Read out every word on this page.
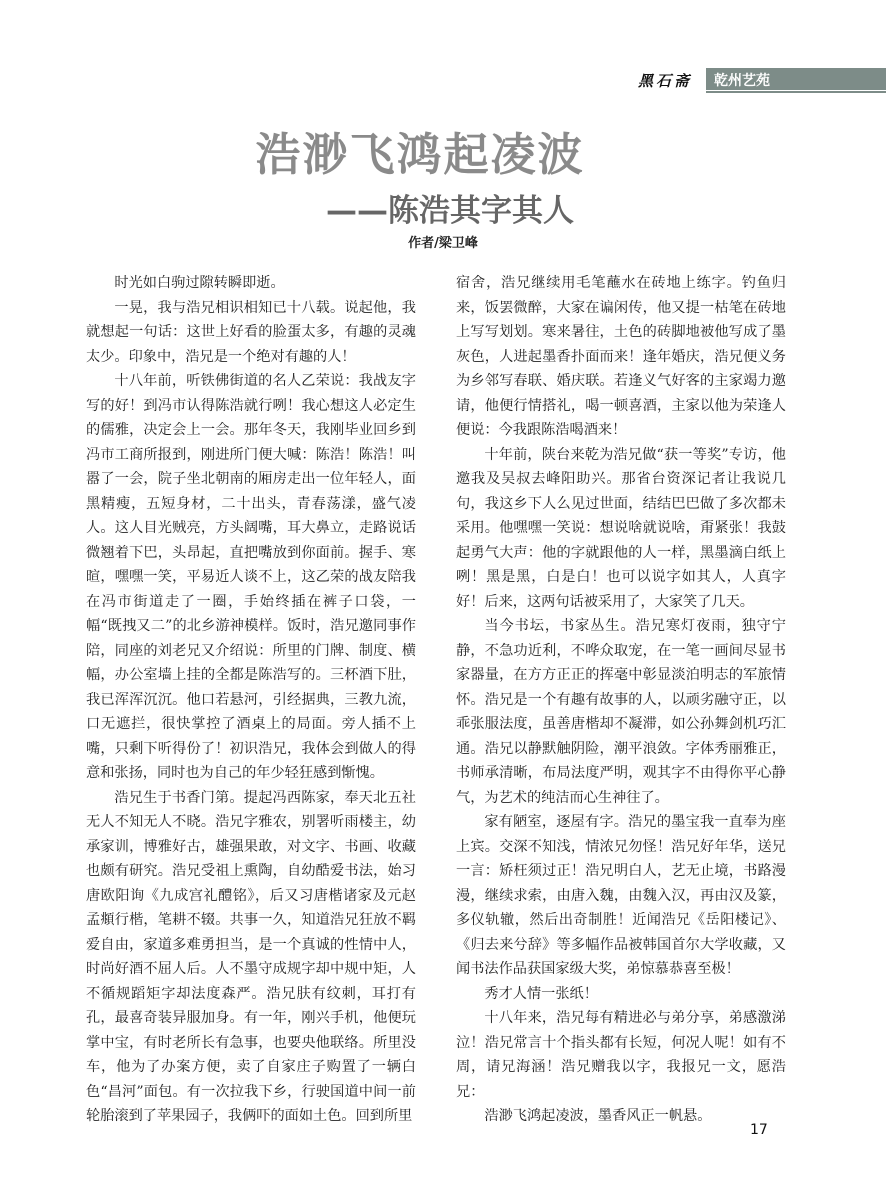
黑石斋 乾州艺苑
浩渺飞鸿起凌波
——陈浩其字其人
作者/梁卫峰

时光如白驹过隙转瞬即逝。

一晃，我与浩兄相识相知已十八载。说起他，我就想起一句话：这世上好看的脸蛋太多，有趣的灵魂太少。印象中，浩兄是一个绝对有趣的人！

十八年前，听铁佛街道的名人乙荣说：我战友字写的好！到冯市认得陈浩就行咧！我心想这人必定生的儒雅，决定会上一会。那年冬天，我刚毕业回乡到冯市工商所报到，刚进所门便大喊：陈浩！陈浩！叫嚣了一会，院子坐北朝南的厢房走出一位年轻人，面黑精瘦，五短身材，二十出头，青春荡漾，盛气凌人。这人目光贼亮，方头阔嘴，耳大鼻立，走路说话微翘着下巴，头昂起，直把嘴放到你面前。握手、寒暄，嘿嘿一笑，平易近人谈不上，这乙荣的战友陪我在冯市街道走了一圈，手始终插在裤子口袋，一幅“既拽又二”的北乡游神模样。饭时，浩兄邀同事作陪，同座的刘老兄又介绍说：所里的门牌、制度、横幅，办公室墙上挂的全都是陈浩写的。三杯酒下肚，我已浑浑沉沉。他口若悬河，引经据典，三教九流，口无遮拦，很快掌控了酒桌上的局面。旁人插不上嘴，只剩下听得份了！初识浩兄，我体会到做人的得意和张扬，同时也为自己的年少轻狂感到惭愧。

浩兄生于书香门第。提起冯西陈家，奉天北五社无人不知无人不晓。浩兄字雅农，别署听雨楼主，幼承家训，博雅好古，雄强果敢，对文字、书画、收藏也颇有研究。浩兄受祖上熏陶，自幼酷爱书法，始习唐欧阳询《九成宫礼醴铭》，后又习唐楷诸家及元赵孟頫行楷，笔耕不辍。共事一久，知道浩兄狂放不羁爱自由，家道多难勇担当，是一个真诚的性情中人，时尚好酒不屈人后。人不墨守成规字却中规中矩，人不循规蹈矩字却法度森严。浩兄肤有纹刺，耳打有孔，最喜奇装异服加身。有一年，刚兴手机，他便玩掌中宝，有时老所长有急事，也要央他联络。所里没车，他为了办案方便，卖了自家庄子购置了一辆白色“昌河”面包。有一次拉我下乡，行驶国道中间一前轮胎滚到了苹果园子，我俩吓的面如土色。回到所里

宿舍，浩兄继续用毛笔蘸水在砖地上练字。钓鱼归来，饭罢微醉，大家在谝闲传，他又提一枯笔在砖地上写写划划。寒来暑往，土色的砖脚地被他写成了墨灰色，人进起墨香扑面而来！逢年婚庆，浩兄便义务为乡邻写春联、婚庆联。若逢义气好客的主家竭力邀请，他便行情搭礼，喝一顿喜酒，主家以他为荣逢人便说：今我跟陈浩喝酒来！

十年前，陕台来乾为浩兄做“获一等奖”专访，他邀我及吴叔去峰阳助兴。那省台资深记者让我说几句，我这乡下人么见过世面，结结巴巴做了多次都未采用。他嘿嘿一笑说：想说啥就说啥，甭紧张！我鼓起勇气大声：他的字就跟他的人一样，黑墨滴白纸上咧！黑是黑，白是白！也可以说字如其人，人真字好！后来，这两句话被采用了，大家笑了几天。

当今书坛，书家丛生。浩兄寒灯夜雨，独守宁静，不急功近利，不哗众取宠，在一笔一画间尽显书家器量，在方方正正的挥毫中彰显淡泊明志的军旅情怀。浩兄是一个有趣有故事的人，以顽劣融守正，以乖张服法度，虽善唐楷却不凝滞，如公孙舞剑机巧汇通。浩兄以静默触阴险，潮平浪敛。字体秀丽雅正，书师承清晰，布局法度严明，观其字不由得你平心静气，为艺术的纯洁而心生神往了。

家有陋室，逐屋有字。浩兄的墨宝我一直奉为座上宾。交深不知浅，情浓兄勿怪！浩兄好年华，送兄一言：矫枉须过正！浩兄明白人，艺无止境，书路漫漫，继续求索，由唐入魏，由魏入汉，再由汉及篆，多仪轨辙，然后出奇制胜！近闻浩兄《岳阳楼记》、《归去来兮辞》等多幅作品被韩国首尔大学收藏，又闻书法作品获国家级大奖，弟惊慕恭喜至极！

秀才人情一张纸！

十八年来，浩兄每有精进必与弟分享，弟感激涕泣！浩兄常言十个指头都有长短，何况人呢！如有不周，请兄海涵！浩兄赠我以字，我报兄一文，愿浩兄：

浩渺飞鸿起凌波，墨香风正一帆悬。

17
